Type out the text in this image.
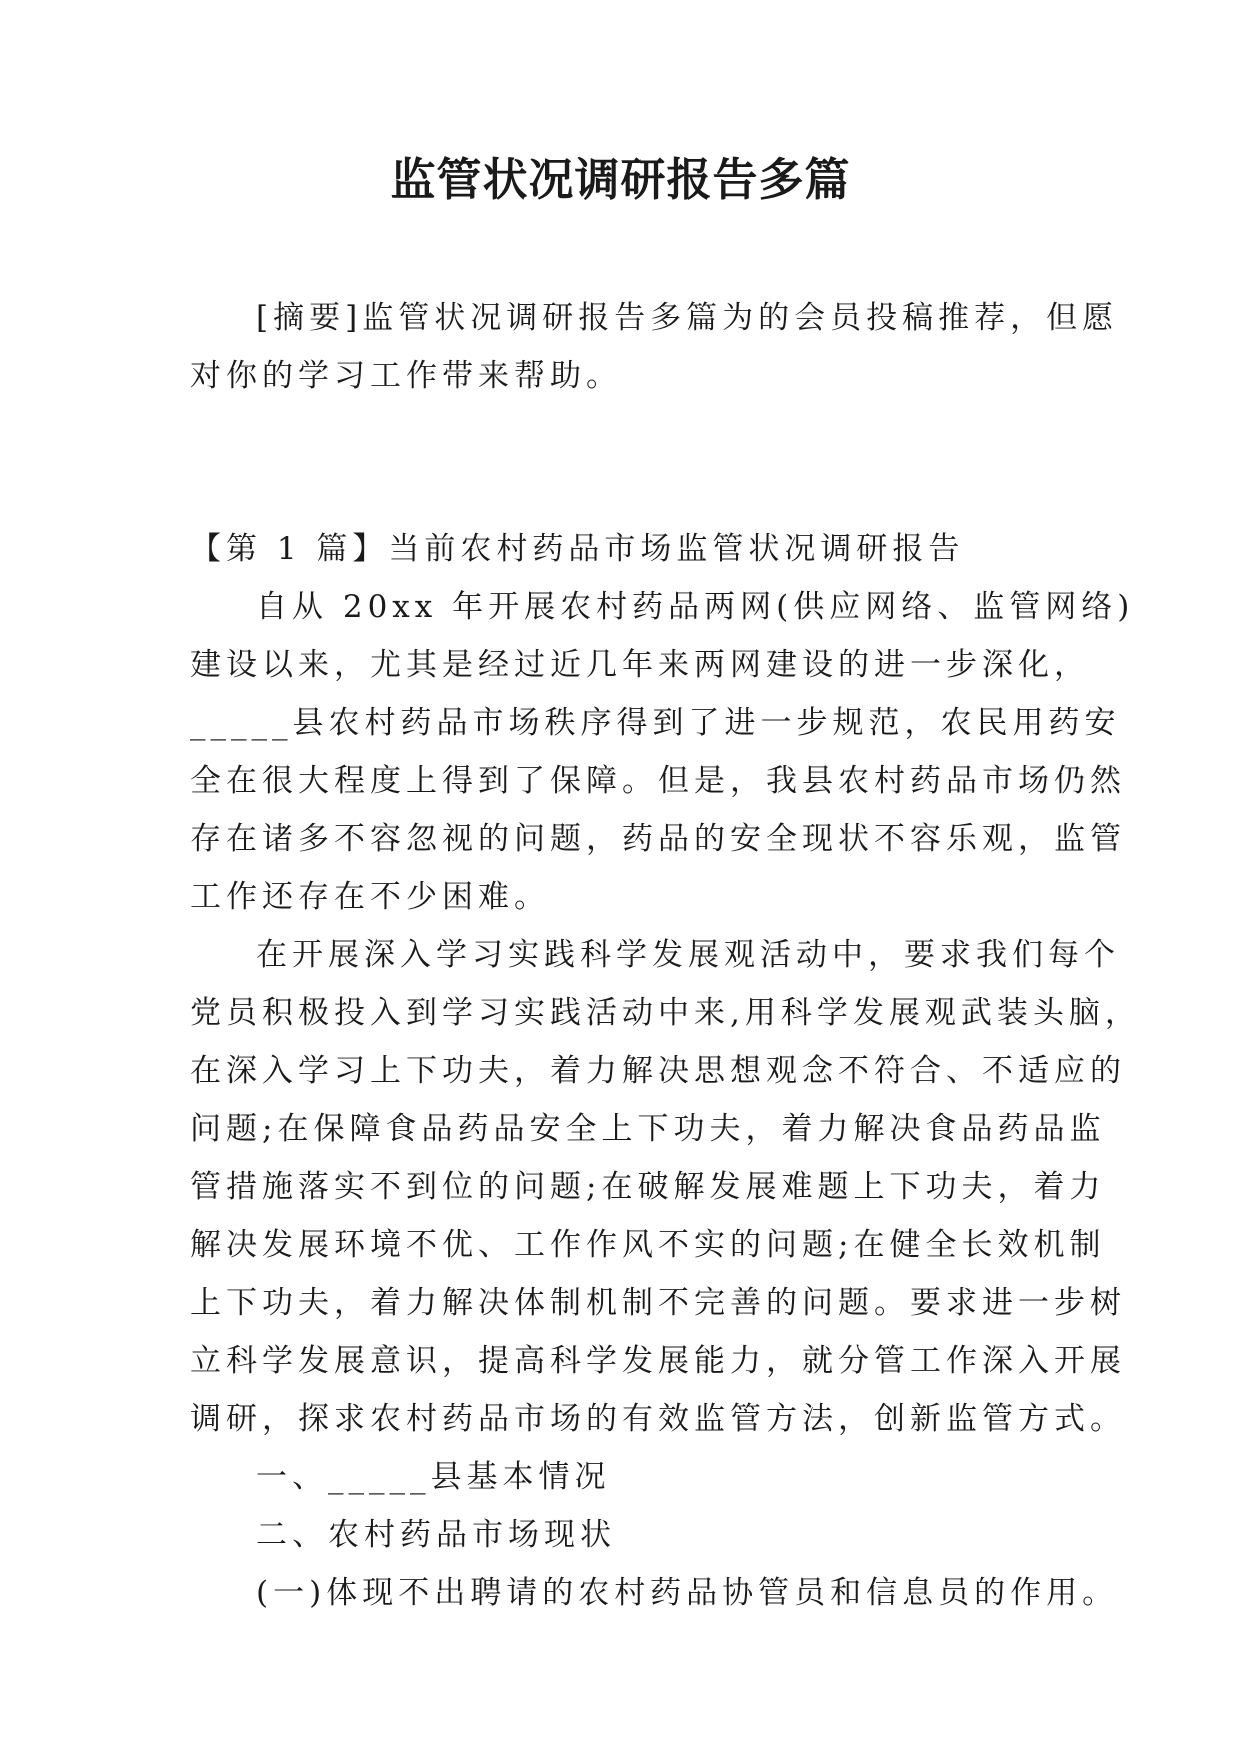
监管状况调研报告多篇
[摘要]监管状况调研报告多篇为的会员投稿推荐，但愿
对你的学习工作带来帮助。
【第 1 篇】当前农村药品市场监管状况调研报告
自从 20xx 年开展农村药品两网(供应网络、监管网络)
建设以来，尤其是经过近几年来两网建设的进一步深化，
_____县农村药品市场秩序得到了进一步规范，农民用药安
全在很大程度上得到了保障。但是，我县农村药品市场仍然
存在诸多不容忽视的问题，药品的安全现状不容乐观，监管
工作还存在不少困难。
在开展深入学习实践科学发展观活动中，要求我们每个
党员积极投入到学习实践活动中来,用科学发展观武装头脑，
在深入学习上下功夫，着力解决思想观念不符合、不适应的
问题;在保障食品药品安全上下功夫，着力解决食品药品监
管措施落实不到位的问题;在破解发展难题上下功夫，着力
解决发展环境不优、工作作风不实的问题;在健全长效机制
上下功夫，着力解决体制机制不完善的问题。要求进一步树
立科学发展意识，提高科学发展能力，就分管工作深入开展
调研，探求农村药品市场的有效监管方法，创新监管方式。
一、_____县基本情况
二、农村药品市场现状
(一)体现不出聘请的农村药品协管员和信息员的作用。
